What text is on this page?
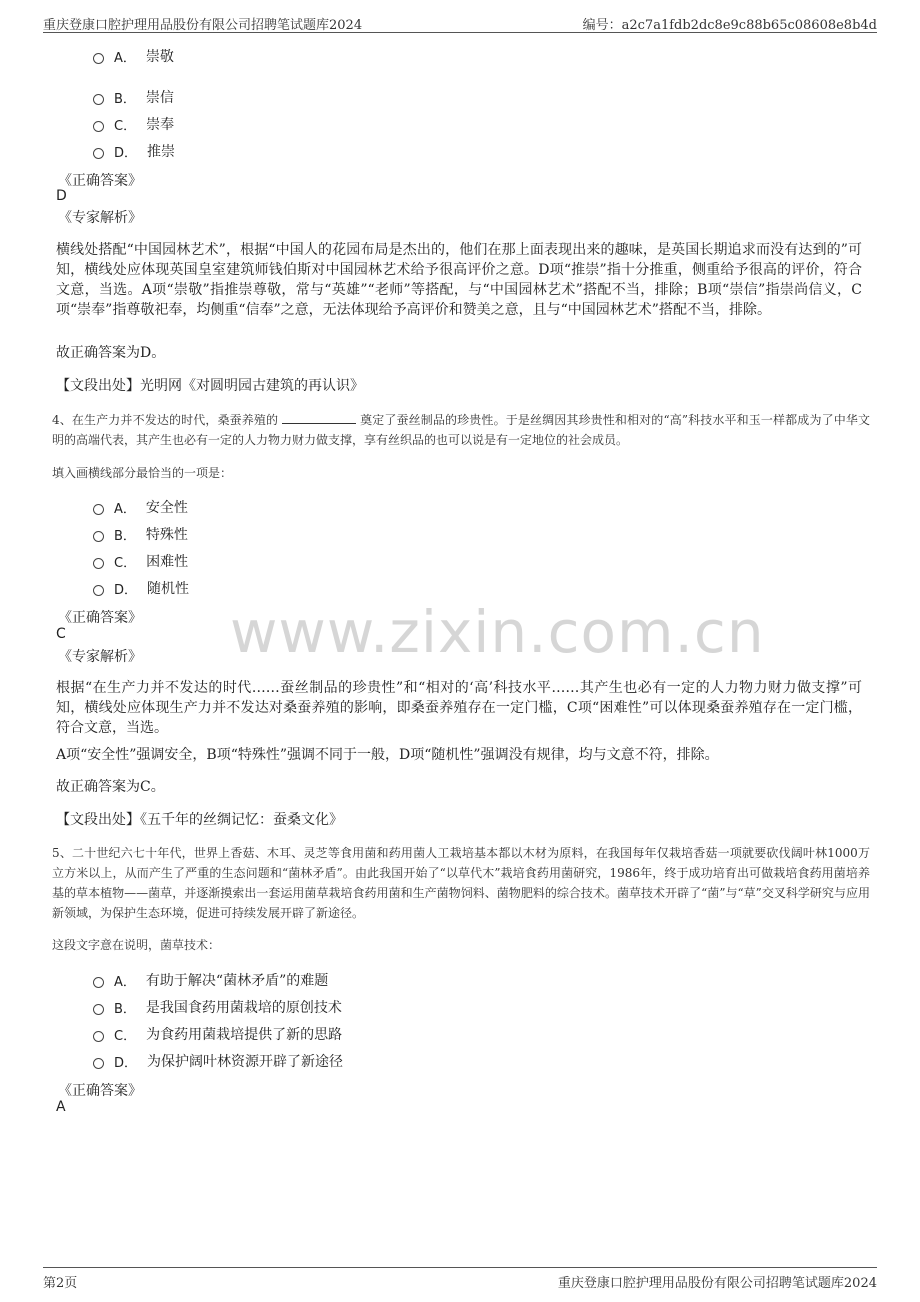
重庆登康口腔护理用品股份有限公司招聘笔试题库2024	编号：a2c7a1fdb2dc8e9c88b65c08608e8b4d
www.zixin.com.cn
A． 崇敬
B． 崇信
C． 崇奉
D． 推崇
《正确答案》
D
《专家解析》
横线处搭配“中国园林艺术”，根据“中国人的花园布局是杰出的，他们在那上面表现出来的趣味，是英国长期追求而没有达到的”可知，横线处应体现英国皇室建筑师钱伯斯对中国园林艺术给予很高评价之意。D项“推崇”指十分推重，侧重给予很高的评价，符合文意，当选。A项“崇敬”指推崇尊敬，常与“英雄”“老师”等搭配，与“中国园林艺术”搭配不当，排除；B项“崇信”指崇尚信义，C项“崇奉”指尊敬祀奉，均侧重“信奉”之意，无法体现给予高评价和赞美之意，且与“中国园林艺术”搭配不当，排除。
故正确答案为D。
【文段出处】光明网《对圆明园古建筑的再认识》
4、在生产力并不发达的时代，桑蚕养殖的	奠定了蚕丝制品的珍贵性。于是丝绸因其珍贵性和相对的“高”科技水平和玉一样都成为了中华文明的高端代表，其产生也必有一定的人力物力财力做支撑，享有丝织品的也可以说是有一定地位的社会成员。
填入画横线部分最恰当的一项是：
A． 安全性
B． 特殊性
C． 困难性
D． 随机性
《正确答案》
C
《专家解析》
根据“在生产力并不发达的时代……蚕丝制品的珍贵性”和“相对的‘高’科技水平……其产生也必有一定的人力物力财力做支撑”可知，横线处应体现生产力并不发达对桑蚕养殖的影响，即桑蚕养殖存在一定门槛，C项“困难性”可以体现桑蚕养殖存在一定门槛，符合文意，当选。
A项“安全性”强调安全，B项“特殊性”强调不同于一般，D项“随机性”强调没有规律，均与文意不符，排除。
故正确答案为C。
【文段出处】《五千年的丝绸记忆：蚕桑文化》
5、二十世纪六七十年代，世界上香菇、木耳、灵芝等食用菌和药用菌人工栽培基本都以木材为原料，在我国每年仅栽培香菇一项就要砍伐阔叶林1000万立方米以上，从而产生了严重的生态问题和“菌林矛盾”。由此我国开始了“以草代木”栽培食药用菌研究，1986年，终于成功培育出可做栽培食药用菌培养基的草本植物——菌草，并逐渐摸索出一套运用菌草栽培食药用菌和生产菌物饲料、菌物肥料的综合技术。菌草技术开辟了“菌”与“草”交叉科学研究与应用新领域，为保护生态环境，促进可持续发展开辟了新途径。
这段文字意在说明，菌草技术：
A． 有助于解决“菌林矛盾”的难题
B． 是我国食药用菌栽培的原创技术
C． 为食药用菌栽培提供了新的思路
D． 为保护阔叶林资源开辟了新途径
《正确答案》
A
第2页	重庆登康口腔护理用品股份有限公司招聘笔试题库2024
